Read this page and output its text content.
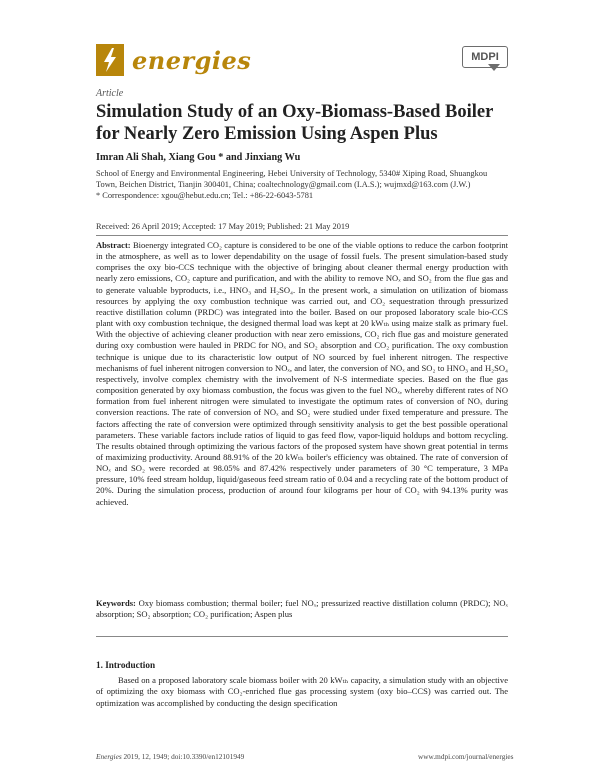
energies	MDPI
Article
Simulation Study of an Oxy-Biomass-Based Boiler for Nearly Zero Emission Using Aspen Plus
Imran Ali Shah, Xiang Gou * and Jinxiang Wu

School of Energy and Environmental Engineering, Hebei University of Technology, 5340# Xiping Road, Shuangkou Town, Beichen District, Tianjin 300401, China; coaltechnology@gmail.com (I.A.S.); wujmxd@163.com (J.W.)

* Correspondence: xgou@hebut.edu.cn; Tel.: +86-22-6043-5781

Received: 26 April 2019; Accepted: 17 May 2019; Published: 21 May 2019

Abstract: Bioenergy integrated CO₂ capture is considered to be one of the viable options to reduce the carbon footprint in the atmosphere, as well as to lower dependability on the usage of fossil fuels. The present simulation-based study comprises the oxy bio-CCS technique with the objective of bringing about cleaner thermal energy production with nearly zero emissions, CO₂ capture and purification, and with the ability to remove NOₓ and SO₂ from the flue gas and to generate valuable byproducts, i.e., HNO₃ and H₂SO₄. In the present work, a simulation on utilization of biomass resources by applying the oxy combustion technique was carried out, and CO₂ sequestration through pressurized reactive distillation column (PRDC) was integrated into the boiler. Based on our proposed laboratory scale bio-CCS plant with oxy combustion technique, the designed thermal load was kept at 20 kWₜₕ using maize stalk as primary fuel. With the objective of achieving cleaner production with near zero emissions, CO₂ rich flue gas and moisture generated during oxy combustion were hauled in PRDC for NOₓ and SO₂ absorption and CO₂ purification. The oxy combustion technique is unique due to its characteristic low output of NO sourced by fuel inherent nitrogen. The respective mechanisms of fuel inherent nitrogen conversion to NOₓ, and later, the conversion of NOₓ and SO₂ to HNO₃ and H₂SO₄ respectively, involve complex chemistry with the involvement of N-S intermediate species. Based on the flue gas composition generated by oxy biomass combustion, the focus was given to the fuel NOₓ, whereby different rates of NO formation from fuel inherent nitrogen were simulated to investigate the optimum rates of conversion of NOₓ during conversion reactions. The rate of conversion of NOₓ and SO₂ were studied under fixed temperature and pressure. The factors affecting the rate of conversion were optimized through sensitivity analysis to get the best possible operational parameters. These variable factors include ratios of liquid to gas feed flow, vapor-liquid holdups and bottom recycling. The results obtained through optimizing the various factors of the proposed system have shown great potential in terms of maximizing productivity. Around 88.91% of the 20 kWₜₕ boiler's efficiency was obtained. The rate of conversion of NOₓ and SO₂ were recorded at 98.05% and 87.42% respectively under parameters of 30 °C temperature, 3 MPa pressure, 10% feed stream holdup, liquid/gaseous feed stream ratio of 0.04 and a recycling rate of the bottom product of 20%. During the simulation process, production of around four kilograms per hour of CO₂ with 94.13% purity was achieved.

Keywords: Oxy biomass combustion; thermal boiler; fuel NOₓ; pressurized reactive distillation column (PRDC); NOₓ absorption; SO₂ absorption; CO₂ purification; Aspen plus

1. Introduction

Based on a proposed laboratory scale biomass boiler with 20 kWₜₕ capacity, a simulation study with an objective of optimizing the oxy biomass with CO₂-enriched flue gas processing system (oxy bio–CCS) was carried out. The optimization was accomplished by conducting the design specification

Energies 2019, 12, 1949; doi:10.3390/en12101949	www.mdpi.com/journal/energies
